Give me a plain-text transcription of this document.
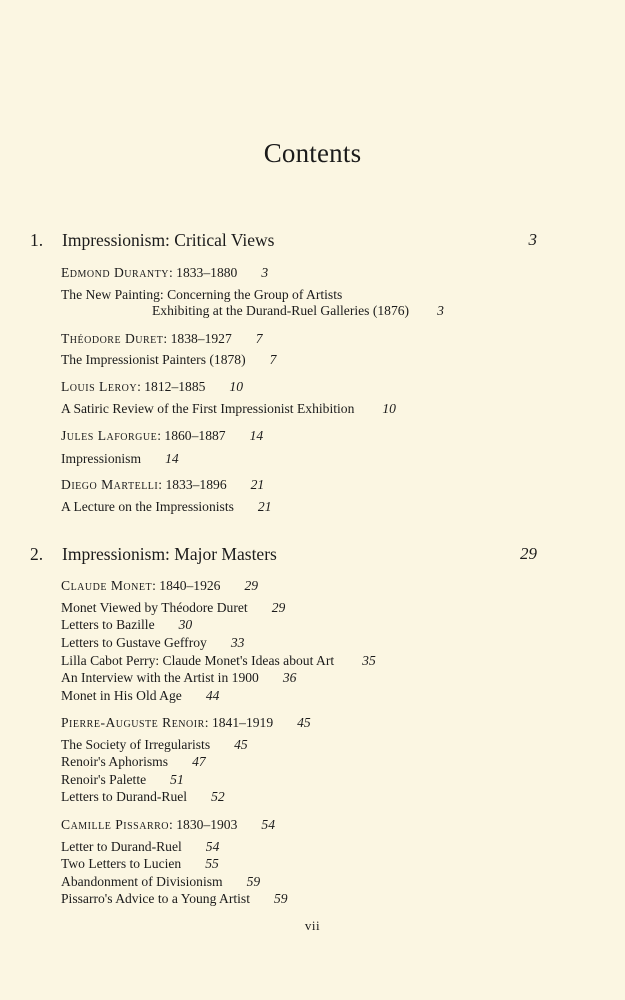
Contents
1. Impressionism: Critical Views	3
Edmond Duranty: 1833–1880 3
The New Painting: Concerning the Group of Artists
Exhibiting at the Durand-Ruel Galleries (1876) 3
Théodore Duret: 1838–1927 7
The Impressionist Painters (1878) 7
Louis Leroy: 1812–1885 10
A Satiric Review of the First Impressionist Exhibition 10
Jules Laforgue: 1860–1887 14
Impressionism 14
Diego Martelli: 1833–1896 21
A Lecture on the Impressionists 21
2. Impressionism: Major Masters	29
Claude Monet: 1840–1926 29
Monet Viewed by Théodore Duret 29
Letters to Bazille 30
Letters to Gustave Geffroy 33
Lilla Cabot Perry: Claude Monet's Ideas about Art 35
An Interview with the Artist in 1900 36
Monet in His Old Age 44
Pierre-Auguste Renoir: 1841–1919 45
The Society of Irregularists 45
Renoir's Aphorisms 47
Renoir's Palette 51
Letters to Durand-Ruel 52
Camille Pissarro: 1830–1903 54
Letter to Durand-Ruel 54
Two Letters to Lucien 55
Abandonment of Divisionism 59
Pissarro's Advice to a Young Artist 59
vii
